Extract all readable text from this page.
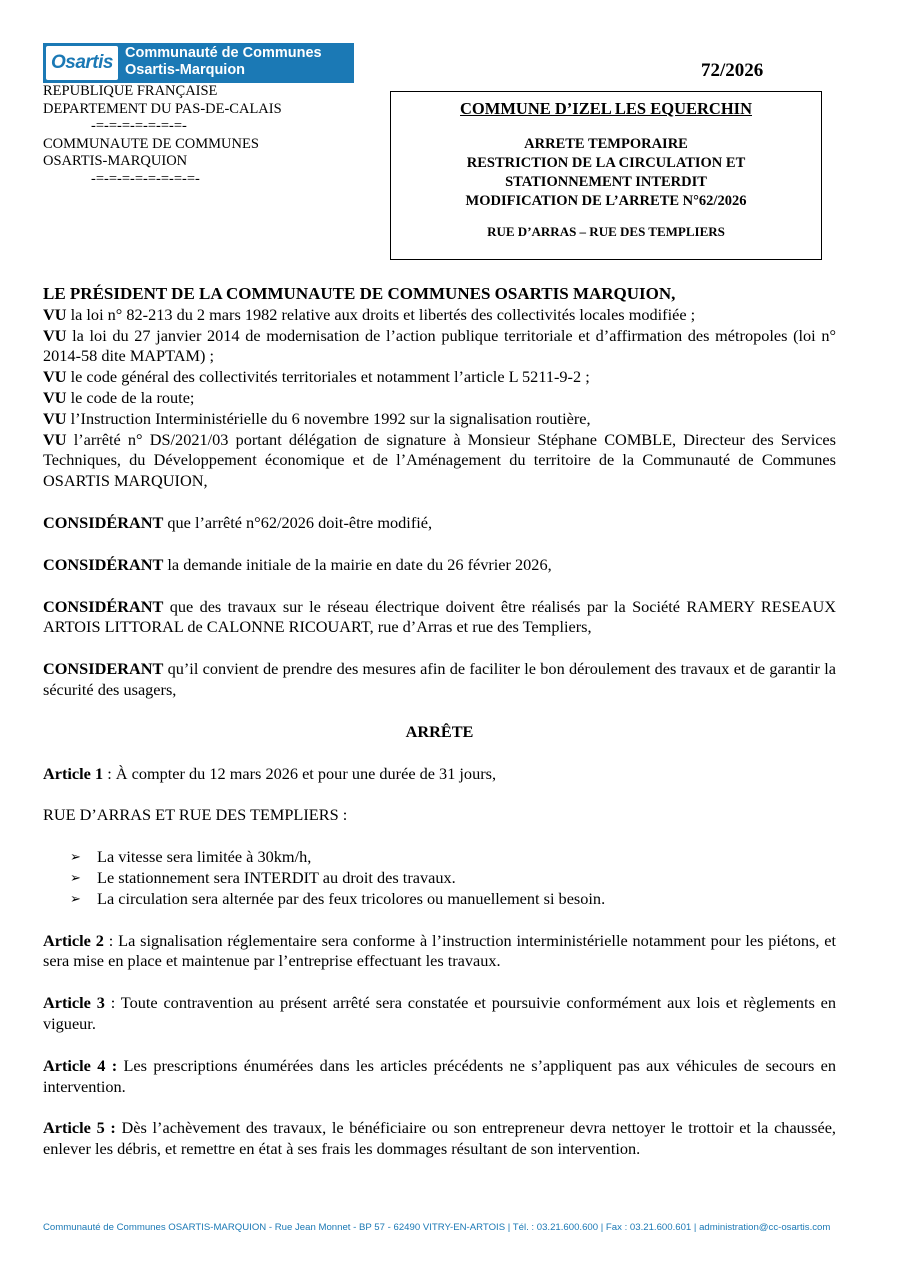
Osartis Communauté de Communes
Osartis-Marquion	72/2026
REPUBLIQUE FRANÇAISE
DEPARTEMENT DU PAS-DE-CALAIS
-=-=-=-=-=-=-=-
COMMUNAUTE DE COMMUNES
OSARTIS-MARQUION
-=-=-=-=-=-=-=-=-
COMMUNE D’IZEL LES EQUERCHIN
ARRETE TEMPORAIRE
RESTRICTION DE LA CIRCULATION ET
STATIONNEMENT INTERDIT
MODIFICATION DE L’ARRETE N°62/2026
RUE D’ARRAS – RUE DES TEMPLIERS

LE PRÉSIDENT DE LA COMMUNAUTE DE COMMUNES OSARTIS MARQUION,

VU la loi n° 82-213 du 2 mars 1982 relative aux droits et libertés des collectivités locales modifiée ;

VU la loi du 27 janvier 2014 de modernisation de l’action publique territoriale et d’affirmation des métropoles (loi n° 2014-58 dite MAPTAM) ;

VU le code général des collectivités territoriales et notamment l’article L 5211-9-2 ;

VU le code de la route;

VU l’Instruction Interministérielle du 6 novembre 1992 sur la signalisation routière,

VU l’arrêté n° DS/2021/03 portant délégation de signature à Monsieur Stéphane COMBLE, Directeur des Services Techniques, du Développement économique et de l’Aménagement du territoire de la Communauté de Communes OSARTIS MARQUION,

CONSIDÉRANT que l’arrêté n°62/2026 doit-être modifié,

CONSIDÉRANT la demande initiale de la mairie en date du 26 février 2026,

CONSIDÉRANT que des travaux sur le réseau électrique doivent être réalisés par la Société RAMERY RESEAUX ARTOIS LITTORAL de CALONNE RICOUART, rue d’Arras et rue des Templiers,

CONSIDERANT qu’il convient de prendre des mesures afin de faciliter le bon déroulement des travaux et de garantir la sécurité des usagers,

ARRÊTE

Article 1 : À compter du 12 mars 2026 et pour une durée de 31 jours,

RUE D’ARRAS ET RUE DES TEMPLIERS :

➢ La vitesse sera limitée à 30km/h,
➢ Le stationnement sera INTERDIT au droit des travaux.
➢ La circulation sera alternée par des feux tricolores ou manuellement si besoin.

Article 2 : La signalisation réglementaire sera conforme à l’instruction interministérielle notamment pour les piétons, et sera mise en place et maintenue par l’entreprise effectuant les travaux.

Article 3 : Toute contravention au présent arrêté sera constatée et poursuivie conformément aux lois et règlements en vigueur.

Article 4 : Les prescriptions énumérées dans les articles précédents ne s’appliquent pas aux véhicules de secours en intervention.

Article 5 : Dès l’achèvement des travaux, le bénéficiaire ou son entrepreneur devra nettoyer le trottoir et la chaussée, enlever les débris, et remettre en état à ses frais les dommages résultant de son intervention.

Communauté de Communes OSARTIS-MARQUION - Rue Jean Monnet - BP 57 - 62490 VITRY-EN-ARTOIS | Tél. : 03.21.600.600 | Fax : 03.21.600.601 | administration@cc-osartis.com
